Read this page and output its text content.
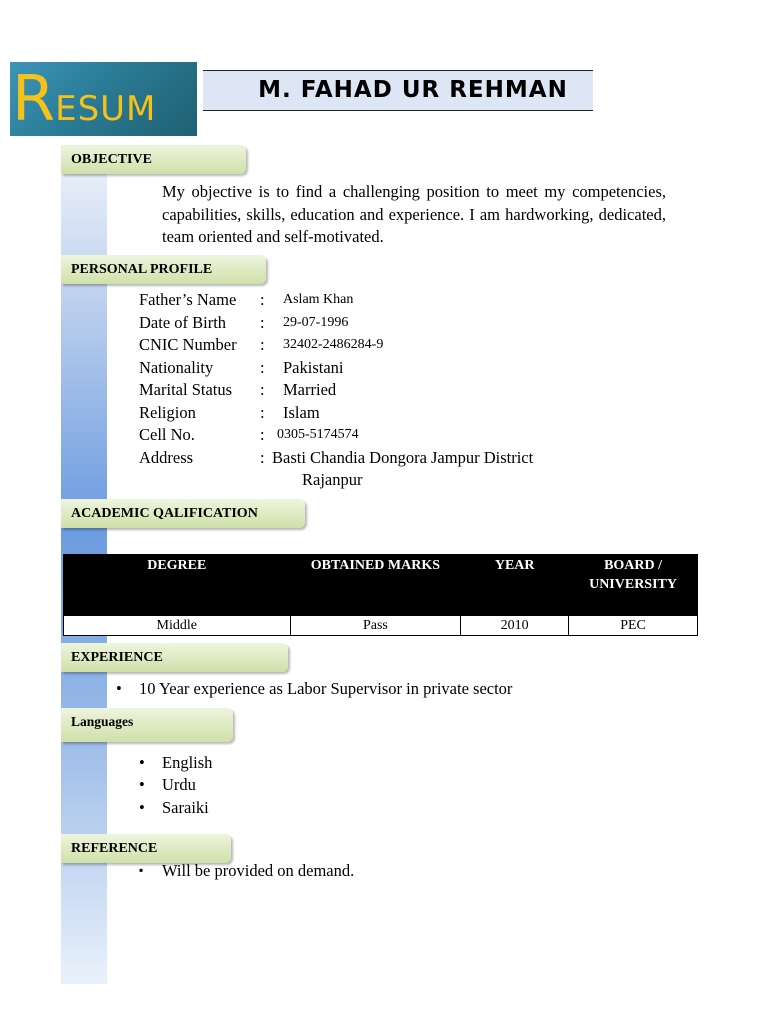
RESUM	M. FAHAD UR REHMAN
OBJECTIVE
My objective is to find a challenging position to meet my competencies, capabilities, skills, education and experience. I am hardworking, dedicated, team oriented and self-motivated.
PERSONAL PROFILE
Father’s Name : Aslam Khan
Date of Birth : 29-07-1996
CNIC Number : 32402-2486284-9
Nationality	: Pakistani
Marital Status : Married
Religion	: Islam
Cell No.	: 0305-5174574
Address	: Basti Chandia Dongora Jampur District
Rajanpur
ACADEMIC QALIFICATION
DEGREE	OBTAINED MARKS	YEAR	BOARD / UNIVERSITY
Middle	Pass	2010	PEC
EXPERIENCE
• 10 Year experience as Labor Supervisor in private sector
Languages
• English
• Urdu
• Saraiki
REFERENCE
▪ Will be provided on demand.
